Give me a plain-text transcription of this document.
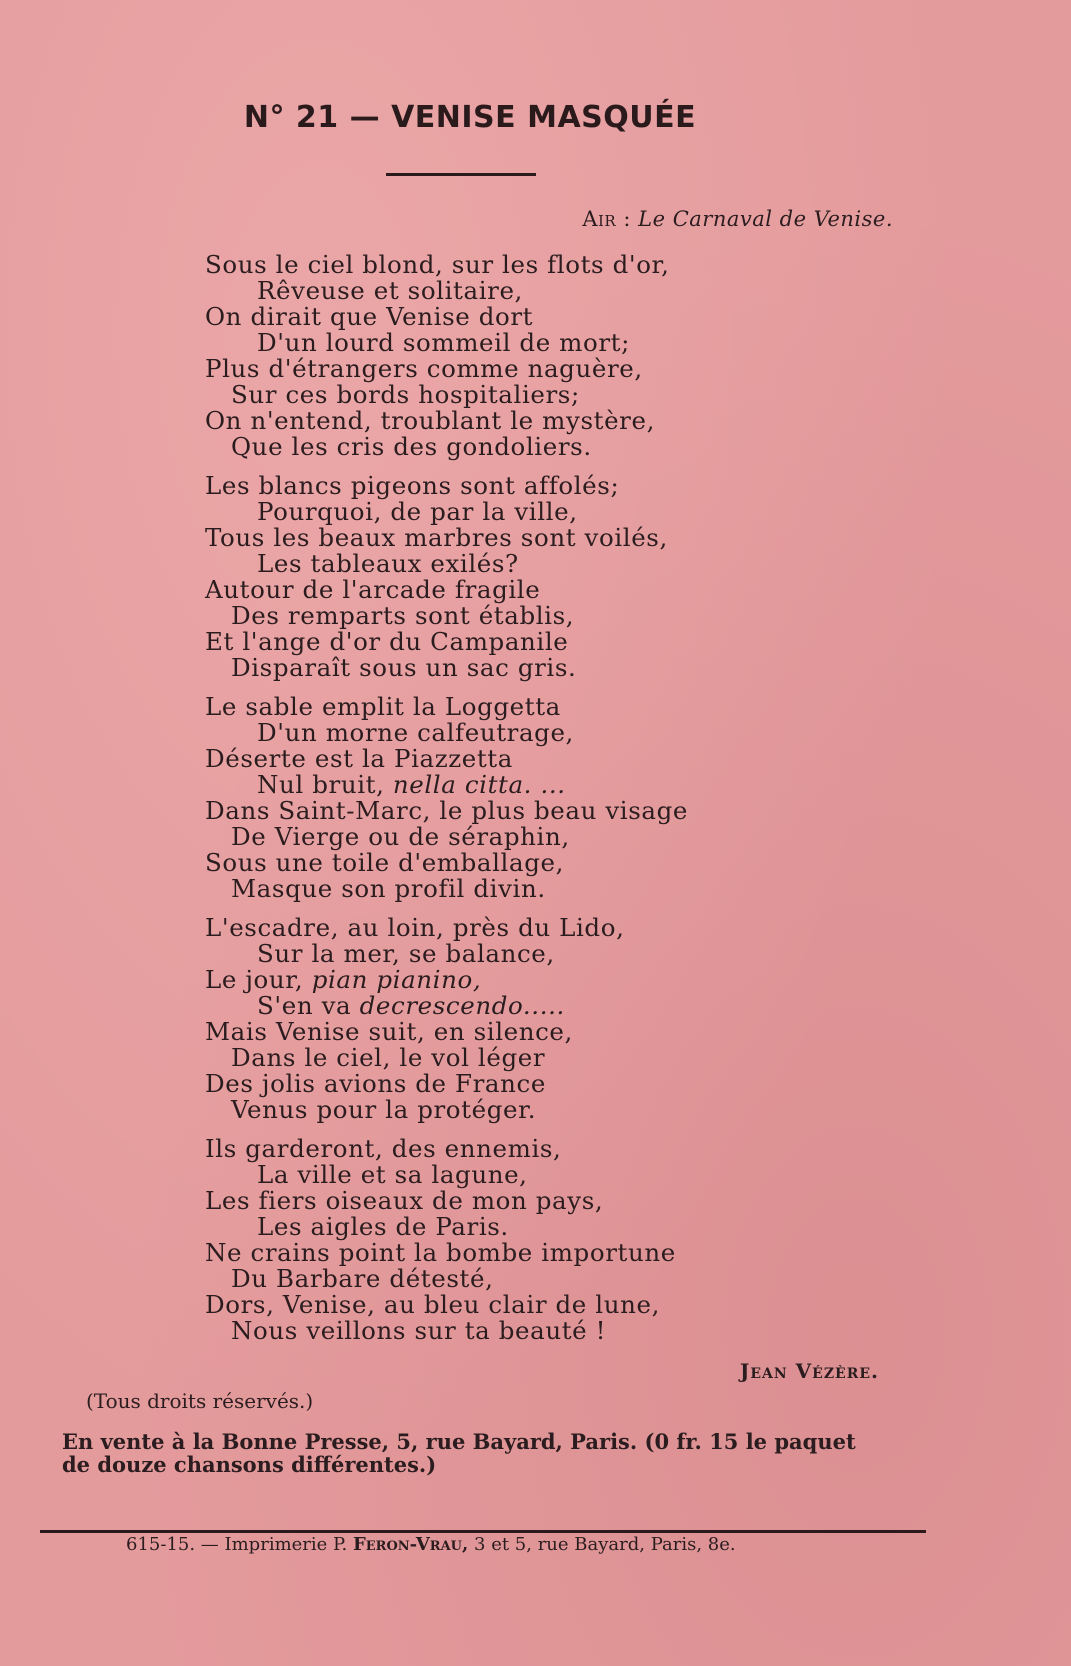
N° 21 — VENISE MASQUÉE
Air : Le Carnaval de Venise.
Sous le ciel blond, sur les flots d'or,
Rêveuse et solitaire,
On dirait que Venise dort
D'un lourd sommeil de mort;
Plus d'étrangers comme naguère,
Sur ces bords hospitaliers;
On n'entend, troublant le mystère,
Que les cris des gondoliers.
Les blancs pigeons sont affolés;
Pourquoi, de par la ville,
Tous les beaux marbres sont voilés,
Les tableaux exilés?
Autour de l'arcade fragile
Des remparts sont établis,
Et l'ange d'or du Campanile
Disparaît sous un sac gris.
Le sable emplit la Loggetta
D'un morne calfeutrage,
Déserte est la Piazzetta
Nul bruit, nella citta. ...
Dans Saint-Marc, le plus beau visage
De Vierge ou de séraphin,
Sous une toile d'emballage,
Masque son profil divin.
L'escadre, au loin, près du Lido,
Sur la mer, se balance,
Le jour, pian pianino,
S'en va decrescendo.....
Mais Venise suit, en silence,
Dans le ciel, le vol léger
Des jolis avions de France
Venus pour la protéger.
Ils garderont, des ennemis,
La ville et sa lagune,
Les fiers oiseaux de mon pays,
Les aigles de Paris.
Ne crains point la bombe importune
Du Barbare détesté,
Dors, Venise, au bleu clair de lune,
Nous veillons sur ta beauté !
Jean Vézère.
(Tous droits réservés.)
En vente à la Bonne Presse, 5, rue Bayard, Paris. (0 fr. 15 le paquet
de douze chansons différentes.)
615-15. — Imprimerie P. Feron-Vrau, 3 et 5, rue Bayard, Paris, 8e.
